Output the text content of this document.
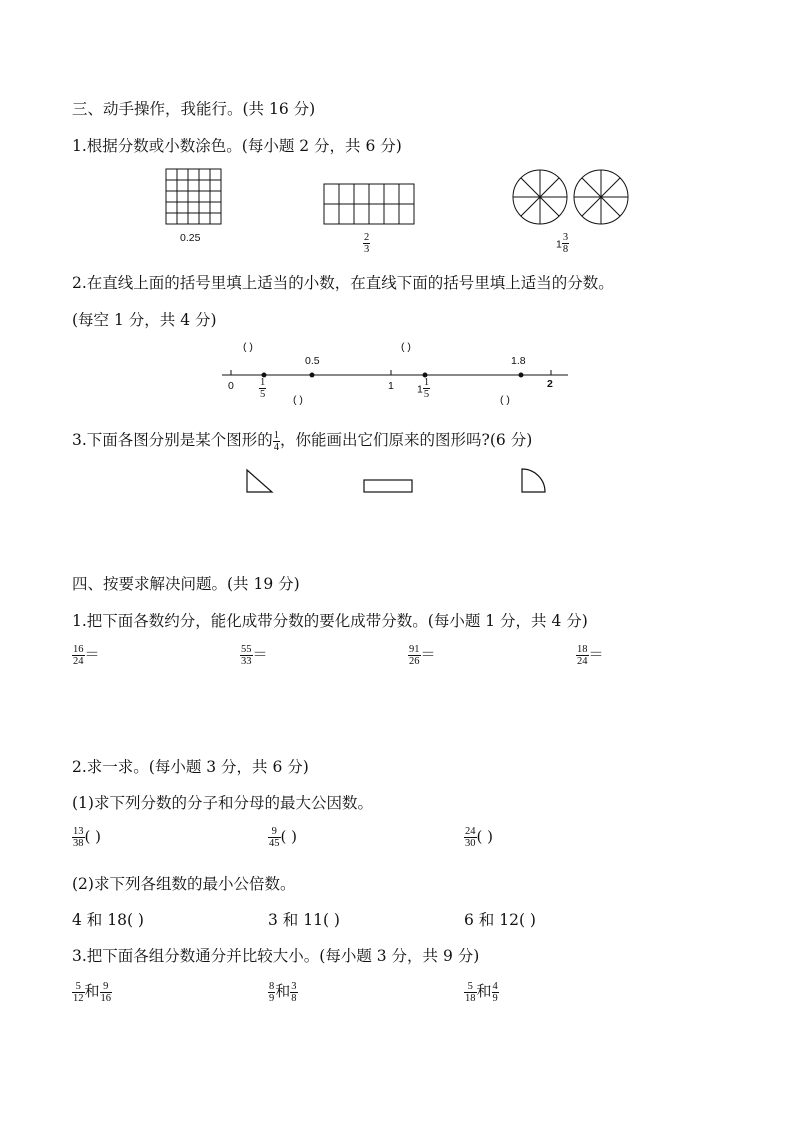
三、动手操作，我能行。(共 16 分)
1.根据分数或小数涂色。(每小题 2 分，共 6 分)
0.25	$\frac{2}{3}$	$1 \frac{3}{8}$
2.在直线上面的括号里填上适当的小数，在直线下面的括号里填上适当的分数。
(每空 1 分，共 4 分)
( )
0.5
( )
1.8
$0 \frac{1}{5}$	( )
1 $1 \frac{1}{5}$	( )
2
3.下面各图分别是某个图形的 $\frac{1}{4}$ ，你能画出它们原来的图形吗?(6 分)
四、按要求解决问题。(共 19 分)
1.把下面各数约分，能化成带分数的要化成带分数。(每小题 1 分，共 4 分)
$\frac{16}{24}$ ＝	$\frac{55}{33}$ ＝	$\frac{91}{26}$ ＝	$\frac{18}{24}$ ＝
2.求一求。(每小题 3 分，共 6 分)
(1)求下列分数的分子和分母的最大公因数。
$\frac{13}{38}$ ( )	$\frac{9}{45}$ ( )	$\frac{24}{30}$ ( )
(2)求下列各组数的最小公倍数。
4 和 18( )	3 和 11( )	6 和 12( )
3.把下面各组分数通分并比较大小。(每小题 3 分，共 9 分)
$\frac{5}{12}$ 和 $\frac{9}{16}$	$\frac{8}{9}$ 和 $\frac{3}{8}$	$\frac{5}{18}$ 和 $\frac{4}{9}$
